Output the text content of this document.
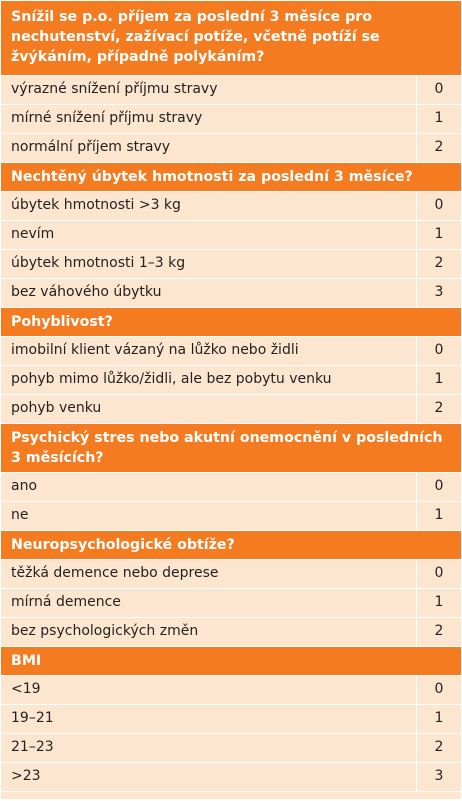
Snížil se p.o. příjem za poslední 3 měsíce pro nechutenství, zažívací potíže, včetně potíží se žvýkáním, případně polykáním?
výrazné snížení příjmu stravy	0
mírné snížení příjmu stravy	1
normální příjem stravy	2
Nechtěný úbytek hmotnosti za poslední 3 měsíce?
úbytek hmotnosti >3 kg	0
nevím	1
úbytek hmotnosti 1–3 kg	2
bez váhového úbytku	3
Pohyblivost?
imobilní klient vázaný na lůžko nebo židli	0
pohyb mimo lůžko/židli, ale bez pobytu venku	1
pohyb venku	2
Psychický stres nebo akutní onemocnění v posledních 3 měsících?
ano	0
ne	1
Neuropsychologické obtíže?
těžká demence nebo deprese	0
mírná demence	1
bez psychologických změn	2
BMI
<19	0
19–21	1
21–23	2
>23	3
